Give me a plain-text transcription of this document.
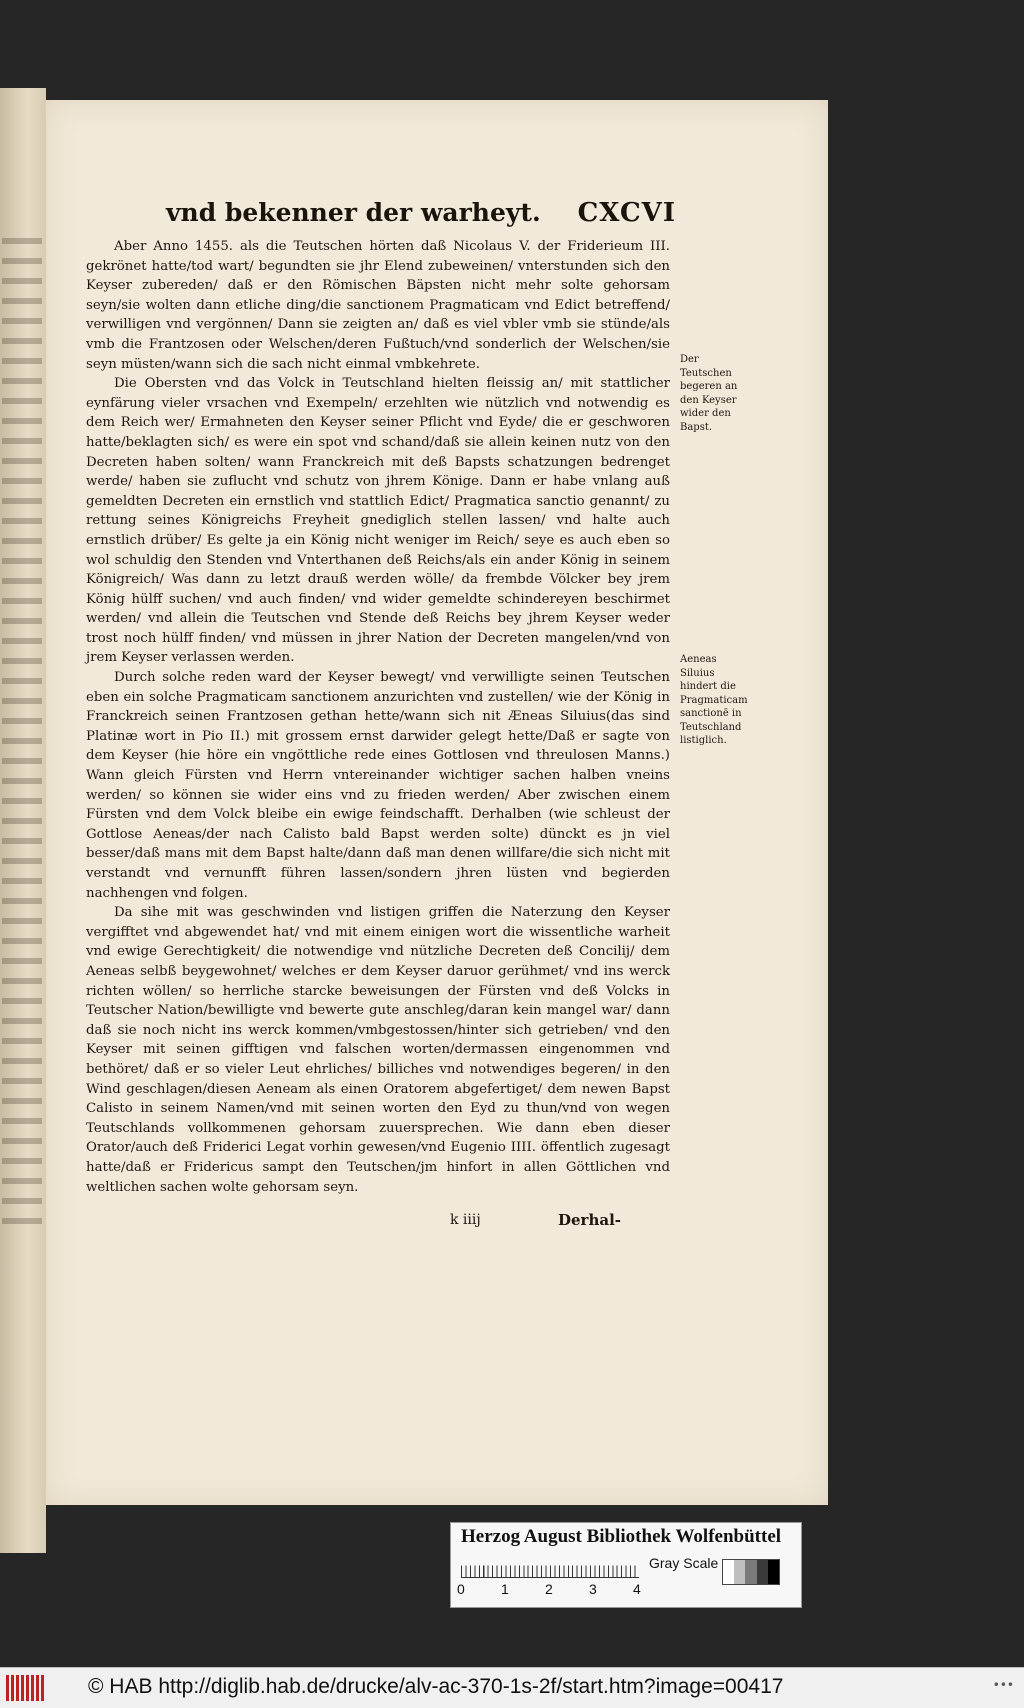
vnd bekenner der warheyt. CXCVI

Aber Anno 1455. als die Teutschen hörten daß Nicolaus V. der Friderieum III. gekrönet hatte/tod wart/ begundten sie jhr Elend zubeweinen/ vnterstunden sich den Keyser zubereden/ daß er den Römischen Bäpsten nicht mehr solte gehorsam seyn/sie wolten dann etliche ding/die sanctionem Pragmaticam vnd Edict betreffend/ verwilligen vnd vergönnen/ Dann sie zeigten an/ daß es viel vbler vmb sie stünde/als vmb die Frantzosen oder Welschen/deren Fußtuch/vnd sonderlich der Welschen/sie seyn müsten/wann sich die sach nicht einmal vmbkehrete.

Die Obersten vnd das Volck in Teutschland hielten fleissig an/ mit stattlicher eynfärung vieler vrsachen vnd Exempeln/ erzehlten wie nützlich vnd notwendig es dem Reich wer/ Ermahneten den Keyser seiner Pflicht vnd Eyde/ die er geschworen hatte/beklagten sich/ es were ein spot vnd schand/daß sie allein keinen nutz von den Decreten haben solten/ wann Franckreich mit deß Bapsts schatzungen bedrenget werde/ haben sie zuflucht vnd schutz von jhrem Könige. Dann er habe vnlang auß gemeldten Decreten ein ernstlich vnd stattlich Edict/ Pragmatica sanctio genannt/ zu rettung seines Königreichs Freyheit gnediglich stellen lassen/ vnd halte auch ernstlich drüber/ Es gelte ja ein König nicht weniger im Reich/ seye es auch eben so wol schuldig den Stenden vnd Vnterthanen deß Reichs/als ein ander König in seinem Königreich/ Was dann zu letzt drauß werden wölle/ da frembde Völcker bey jrem König hülff suchen/ vnd auch finden/ vnd wider gemeldte schindereyen beschirmet werden/ vnd allein die Teutschen vnd Stende deß Reichs bey jhrem Keyser weder trost noch hülff finden/ vnd müssen in jhrer Nation der Decreten mangelen/vnd von jrem Keyser verlassen werden.

Durch solche reden ward der Keyser bewegt/ vnd verwilligte seinen Teutschen eben ein solche Pragmaticam sanctionem anzurichten vnd zustellen/ wie der König in Franckreich seinen Frantzosen gethan hette/wann sich nit Æneas Siluius(das sind Platinæ wort in Pio II.) mit grossem ernst darwider gelegt hette/Daß er sagte von dem Keyser (hie höre ein vngöttliche rede eines Gottlosen vnd threulosen Manns.) Wann gleich Fürsten vnd Herrn vntereinander wichtiger sachen halben vneins werden/ so können sie wider eins vnd zu frieden werden/ Aber zwischen einem Fürsten vnd dem Volck bleibe ein ewige feindschafft. Derhalben (wie schleust der Gottlose Aeneas/der nach Calisto bald Bapst werden solte) dünckt es jn viel besser/daß mans mit dem Bapst halte/dann daß man denen willfare/die sich nicht mit verstandt vnd vernunfft führen lassen/sondern jhren lüsten vnd begierden nachhengen vnd folgen.

Da sihe mit was geschwinden vnd listigen griffen die Naterzung den Keyser vergifftet vnd abgewendet hat/ vnd mit einem einigen wort die wissentliche warheit vnd ewige Gerechtigkeit/ die notwendige vnd nützliche Decreten deß Concilij/ dem Aeneas selbß beygewohnet/ welches er dem Keyser daruor gerühmet/ vnd ins werck richten wöllen/ so herrliche starcke beweisungen der Fürsten vnd deß Volcks in Teutscher Nation/bewilligte vnd bewerte gute anschleg/daran kein mangel war/ dann daß sie noch nicht ins werck kommen/vmbgestossen/hinter sich getrieben/ vnd den Keyser mit seinen gifftigen vnd falschen worten/dermassen eingenommen vnd bethöret/ daß er so vieler Leut ehrliches/ billiches vnd notwendiges begeren/ in den Wind geschlagen/diesen Aeneam als einen Oratorem abgefertiget/ dem newen Bapst Calisto in seinem Namen/vnd mit seinen worten den Eyd zu thun/vnd von wegen Teutschlands vollkommenen gehorsam zuuersprechen. Wie dann eben dieser Orator/auch deß Friderici Legat vorhin gewesen/vnd Eugenio IIII. öffentlich zugesagt hatte/daß er Fridericus sampt den Teutschen/jm hinfort in allen Göttlichen vnd weltlichen sachen wolte gehorsam seyn.

Der Teutschen begeren an den Keyser wider den Bapst.

Aeneas Siluius hindert die Pragmaticam sanctionē in Teutschland listiglich.

k iiij	Derhal-
Herzog August Bibliothek Wolfenbüttel
0	1	2	3	4
Gray Scale
© HAB http://diglib.hab.de/drucke/alv-ac-370-1s-2f/start.htm?image=00417	•••
